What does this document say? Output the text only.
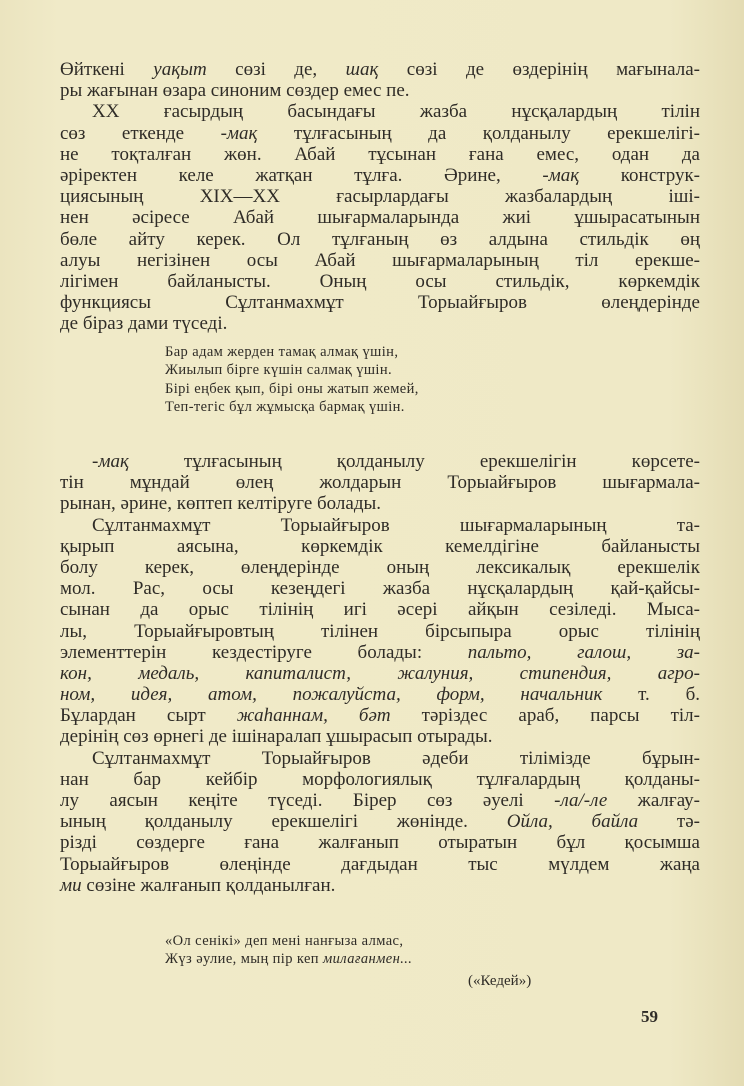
Өйткені уақыт сөзі де, шақ сөзі де өздерінің мағынала-
ры жағынан өзара синоним сөздер емес пе.
ХХ ғасырдың басындағы жазба нұсқалардың тілін
сөз еткенде -мақ тұлғасының да қолданылу ерекшелігі-
не тоқталған жөн. Абай тұсынан ғана емес, одан да
әріректен келе жатқан тұлға. Әрине, -мақ конструк-
циясының XIX—XX ғасырлардағы жазбалардың іші-
нен әсіресе Абай шығармаларында жиі ұшырасатынын
бөле айту керек. Ол тұлғаның өз алдына стильдік өң
алуы негізінен осы Абай шығармаларының тіл ерекше-
лігімен байланысты. Оның осы стильдік, көркемдік
функциясы Сұлтанмахмұт Торыайғыров өлеңдерінде
де біраз дами түседі.
Бар адам жерден тамақ алмақ үшін,
Жиылып бірге күшін салмақ үшін.
Бірі еңбек қып, бірі оны жатып жемей,
Теп-тегіс бұл жұмысқа бармақ үшін.
-мақ тұлғасының қолданылу ерекшелігін көрсете-
тін мұндай өлең жолдарын Торыайғыров шығармала-
рынан, әрине, көптеп келтіруге болады.
Сұлтанмахмұт Торыайғыров шығармаларының та-
қырып аясына, көркемдік кемелдігіне байланысты
болу керек, өлеңдерінде оның лексикалық ерекшелік
мол. Рас, осы кезеңдегі жазба нұсқалардың қай-қайсы-
сынан да орыс тілінің игі әсері айқын сезіледі. Мыса-
лы, Торыайғыровтың тілінен бірсыпыра орыс тілінің
элементтерін кездестіруге болады: пальто, галош, за-
кон, медаль, капиталист, жалуния, стипендия, агро-
ном, идея, атом, пожалуйста, форм, начальник т. б.
Бұлардан сырт жаһаннам, бәт тәріздес араб, парсы тіл-
дерінің сөз өрнегі де ішінаралап ұшырасып отырады.
Сұлтанмахмұт Торыайғыров әдеби тілімізде бұрын-
нан бар кейбір морфологиялық тұлғалардың қолданы-
лу аясын кеңіте түседі. Бірер сөз әуелі -ла/-ле жалғау-
ының қолданылу ерекшелігі жөнінде. Ойла, байла тә-
різді сөздерге ғана жалғанып отыратын бұл қосымша
Торыайғыров өлеңінде дағдыдан тыс мүлдем жаңа
ми сөзіне жалғанып қолданылған.
«Ол сенікі» деп мені нанғыза алмас,
Жүз әулие, мың пір кеп милағанмен...
(«Кедей»)
59
